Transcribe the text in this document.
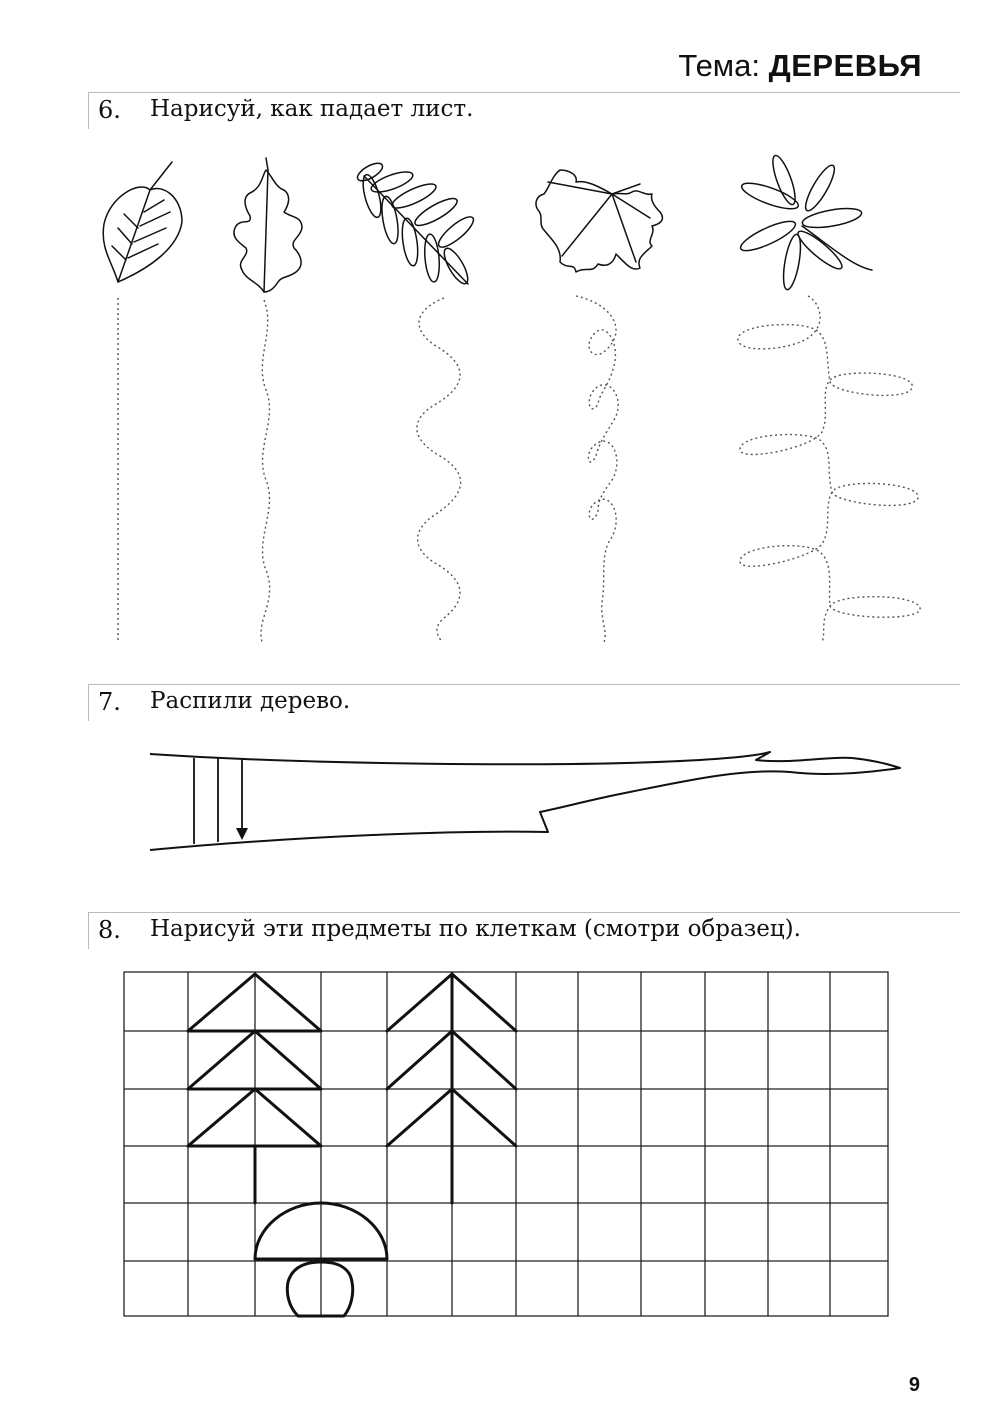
Тема: ДЕРЕВЬЯ
6. Нарисуй, как падает лист.
7. Распили дерево.
8. Нарисуй эти предметы по клеткам (смотри образец).
9
